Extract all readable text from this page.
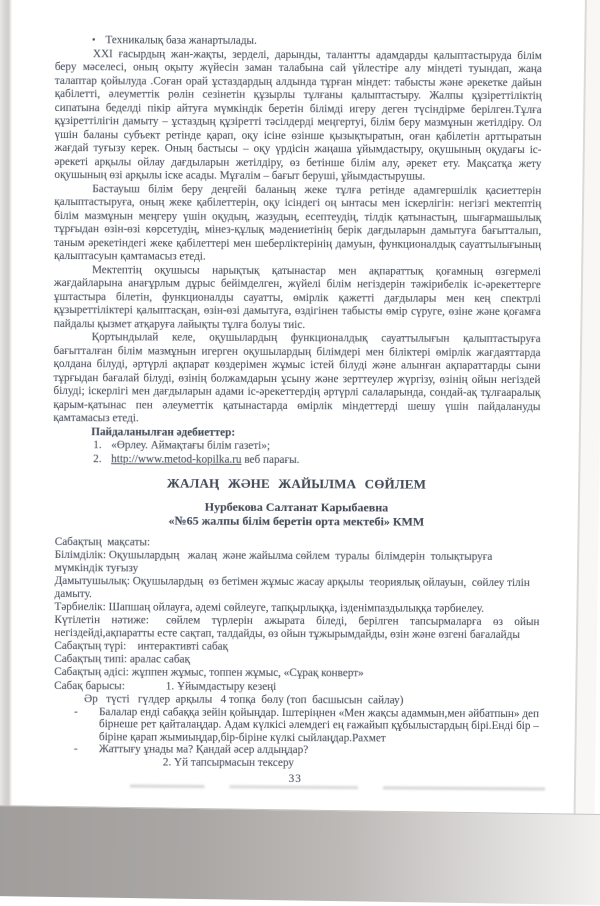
• Техникалық база жанартылады.

XXI ғасырдың жан-жақты, зерделі, дарынды, талантты адамдарды қалыптастыруда білім беру мәселесі, оның оқыту жүйесін заман талабына сай үйлестіре алу міндеті туындап, жаңа талаптар қойылуда .Соған орай ұстаздардың алдында тұрған міндет: табысты және әрекетке дайын қабілетті, әлеуметтік рөлін сезінетін құзырлы тұлғаны қалыптастыру. Жалпы құзіреттіліктің сипатына беделді пікір айтуға мүмкіндік беретін білімді игеру деген түсіндірме берілген.Тұлға құзіреттілігін дамыту – ұстаздың құзіретті тәсілдерді меңгертуі, білім беру мазмұнын жетілдіру. Ол үшін баланы субъект ретінде қарап, оқу ісіне өзінше қызықтыратын, оған қабілетін арттыратын жағдай туғызу керек. Оның бастысы – оқу үрдісін жаңаша ұйымдастыру, оқушының оқудағы іс-әрекеті арқылы ойлау дағдыларын жетілдіру, өз бетінше білім алу, әрекет ету. Мақсатқа жету оқушының өзі арқылы іске асады. Мұғалім – бағыт беруші, ұйымдастырушы.

Бастауыш білім беру деңгейі баланың жеке тұлға ретінде адамгершілік қасиеттерін қалыптастыруға, оның жеке қабілеттерін, оқу ісіндегі оң ынтасы мен іскерлігін: негізгі мектептің білім мазмұнын меңгеру үшін оқудың, жазудың, есептеудің, тілдік қатынастың, шығармашылық тұрғыдан өзін-өзі көрсетудің, мінез-құлық мәдениетінің берік дағдыларын дамытуға бағытталып, таным әрекетіндегі жеке қабілеттері мен шеберліктерінің дамуын, функционалдық сауаттылығының қалыптасуын қамтамасыз етеді.

Мектептің оқушысы нарықтық қатынастар мен ақпараттық қоғамның өзгермелі жағдайларына анағұрлым дұрыс бейімделген, жүйелі білім негіздерін тәжірибелік іс-әрекеттерге ұштастыра білетін, функционалды сауатты, өмірлік қажетті дағдылары мен кең спектрлі құзыреттіліктері қалыптасқан, өзін-өзі дамытуға, өздігінен табысты өмір сүруге, өзіне және қоғамға пайдалы қызмет атқаруға лайықты тұлға болуы тиіс.

Қортындылай келе, оқушылардың функционалдық сауаттылығын қалыптастыруға бағытталған білім мазмұнын игерген оқушылардың білімдері мен біліктері өмірлік жағдаяттарда қолдана білуді, әртүрлі ақпарат көздерімен жұмыс істей білуді және алынған ақпараттарды сыни тұрғыдан бағалай білуді, өзінің болжамдарын ұсыну және зерттеулер жүргізу, өзінің ойын негіздей білуді; іскерлігі мен дағдыларын адами іс-әрекеттердің әртүрлі салаларында, сондай-ақ тұлғааралық қарым-қатынас пен әлеуметтік қатынастарда өмірлік міндеттерді шешу үшін пайдалануды қамтамасыз етеді.

Пайдаланылған әдебиеттер:
1. «Өрлеу. Аймақтағы білім газеті»;
2. http://www.metod-kopilka.ru веб парағы.
ЖАЛАҢ ЖӘНЕ ЖАЙЫЛМА СӨЙЛЕМ
Нурбекова Салтанат Карыбаевна
«№65 жалпы білім беретін орта мектебі» КММ
Сабақтың  мақсаты:
Білімділік: Оқушылардың   жалаң  және жайылма сөйлем  туралы  білімдерін  толықтыруға мүмкіндік туғызу
Дамытушылық: Оқушылардың  өз бетімен жұмыс жасау арқылы  теориялық ойлауын,  сөйлеу тілін дамыту.
Тәрбиелік: Шапшаң ойлауға, әдемі сөйлеуге, тапқырлыққа, ізденімпаздылыққа тәрбиелеу.
Күтілетін  нәтиже:   сөйлем  түрлерін  ажырата  біледі,  берілген  тапсырмаларға  өз  ойын негіздейді,ақпаратты есте сақтап, талдайды, өз ойын тұжырымдайды, өзін және өзгені бағалайды
Сабақтың түрі:    интерактивті сабақ
Сабақтың типі: аралас сабақ
Сабақтың әдісі: жұппен жұмыс, топпен жұмыс, «Сұрақ конверт»
Сабақ барысы:	1. Ұйымдастыру кезеңі
Әр   түсті   гүлдер  арқылы   4 топқа  бөлу (топ  басшысын  сайлау)
-	Балалар енді сабаққа зейін қойыңдар. Іштеріңнен «Мен жақсы адаммын,мен әйбатпын» деп бірнеше рет қайталаңдар. Адам күлкісі әлемдегі ең ғажайып құбылыстардың бірі.Енді бір –біріне қарап жымиыңдар,бір-біріне күлкі сыйлаңдар.Рахмет
-	Жаттығу ұнады ма? Қандай әсер алдыңдар?
2. Үй тапсырмасын тексеру
33
